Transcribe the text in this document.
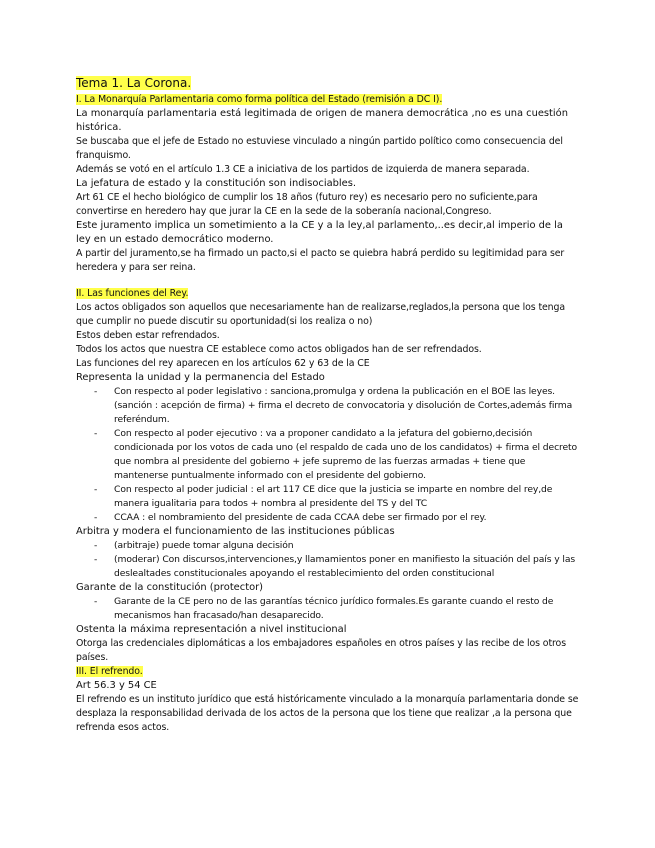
Tema 1. La Corona.
I. La Monarquía Parlamentaria como forma política del Estado (remisión a DC I).

La monarquía parlamentaria está legitimada de origen de manera democrática ,no es una cuestión histórica.

Se buscaba que el jefe de Estado no estuviese vinculado a ningún partido político como consecuencia del franquismo.

Además se votó en el artículo 1.3 CE a iniciativa de los partidos de izquierda de manera separada.

La jefatura de estado y la constitución son indisociables.

Art 61 CE el hecho biológico de cumplir los 18 años (futuro rey) es necesario pero no suficiente,para convertirse en heredero hay que jurar la CE en la sede de la soberanía nacional,Congreso.

Este juramento implica un sometimiento a la CE y a la ley,al parlamento,..es decir,al imperio de la ley en un estado democrático moderno.

A partir del juramento,se ha firmado un pacto,si el pacto se quiebra habrá perdido su legitimidad para ser heredera y para ser reina.

II. Las funciones del Rey.

Los actos obligados son aquellos que necesariamente han de realizarse,reglados,la persona que los tenga que cumplir no puede discutir su oportunidad(si los realiza o no)

Estos deben estar refrendados.

Todos los actos que nuestra CE establece como actos obligados han de ser refrendados.

Las funciones del rey aparecen en los artículos 62 y 63 de la CE

Representa la unidad y la permanencia del Estado

- Con respecto al poder legislativo : sanciona,promulga y ordena la publicación en el BOE las leyes.(sanción : acepción de firma) + firma el decreto de convocatoria y disolución de Cortes,además firma referéndum.
- Con respecto al poder ejecutivo : va a proponer candidato a la jefatura del gobierno,decisión condicionada por los votos de cada uno (el respaldo de cada uno de los candidatos) + firma el decreto que nombra al presidente del gobierno + jefe supremo de las fuerzas armadas + tiene que mantenerse puntualmente informado con el presidente del gobierno.
- Con respecto al poder judicial : el art 117 CE dice que la justicia se imparte en nombre del rey,de manera igualitaria para todos + nombra al presidente del TS y del TC
- CCAA : el nombramiento del presidente de cada CCAA debe ser firmado por el rey.

Arbitra y modera el funcionamiento de las instituciones públicas

- (arbitraje) puede tomar alguna decisión
- (moderar) Con discursos,intervenciones,y llamamientos poner en manifiesto la situación del país y las deslealtades constitucionales apoyando el restablecimiento del orden constitucional

Garante de la constitución (protector)

- Garante de la CE pero no de las garantías técnico jurídico formales.Es garante cuando el resto de mecanismos han fracasado/han desaparecido.

Ostenta la máxima representación a nivel institucional

Otorga las credenciales diplomáticas a los embajadores españoles en otros países y las recibe de los otros países.

III. El refrendo.

Art 56.3 y 54 CE

El refrendo es un instituto jurídico que está históricamente vinculado a la monarquía parlamentaria donde se desplaza la responsabilidad derivada de los actos de la persona que los tiene que realizar ,a la persona que refrenda esos actos.
